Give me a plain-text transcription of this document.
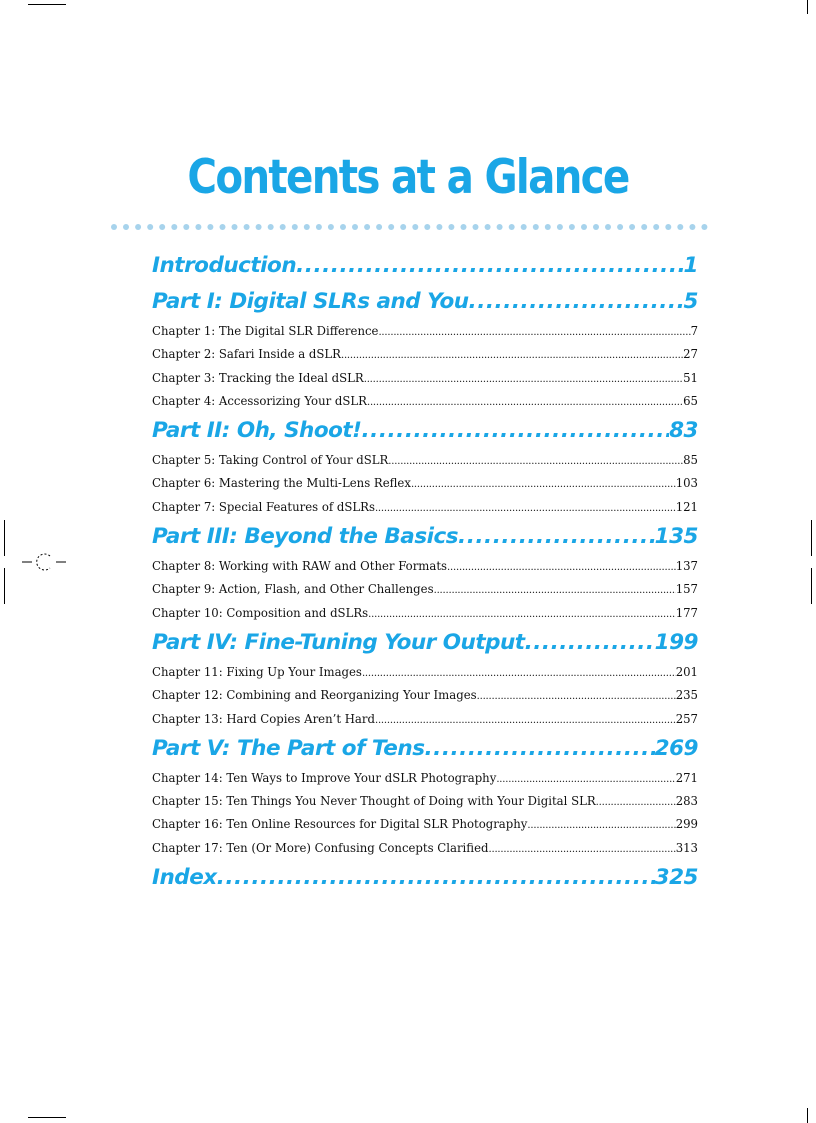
Contents at a Glance
Introduction .....	1
Part I: Digital SLRs and You .....	5
Chapter 1: The Digital SLR Difference .....	7
Chapter 2: Safari Inside a dSLR .....	27
Chapter 3: Tracking the Ideal dSLR .....	51
Chapter 4: Accessorizing Your dSLR .....	65
Part II: Oh, Shoot! .....	83
Chapter 5: Taking Control of Your dSLR .....	85
Chapter 6: Mastering the Multi-Lens Reflex .....	103
Chapter 7: Special Features of dSLRs .....	121
Part III: Beyond the Basics .....	135
Chapter 8: Working with RAW and Other Formats .....	137
Chapter 9: Action, Flash, and Other Challenges .....	157
Chapter 10: Composition and dSLRs .....	177
Part IV: Fine-Tuning Your Output .....	199
Chapter 11: Fixing Up Your Images .....	201
Chapter 12: Combining and Reorganizing Your Images .....	235
Chapter 13: Hard Copies Aren’t Hard .....	257
Part V: The Part of Tens .....	269
Chapter 14: Ten Ways to Improve Your dSLR Photography .....	271
Chapter 15: Ten Things You Never Thought of Doing with Your Digital SLR .....	283
Chapter 16: Ten Online Resources for Digital SLR Photography .....	299
Chapter 17: Ten (Or More) Confusing Concepts Clarified .....	313
Index .....	325
